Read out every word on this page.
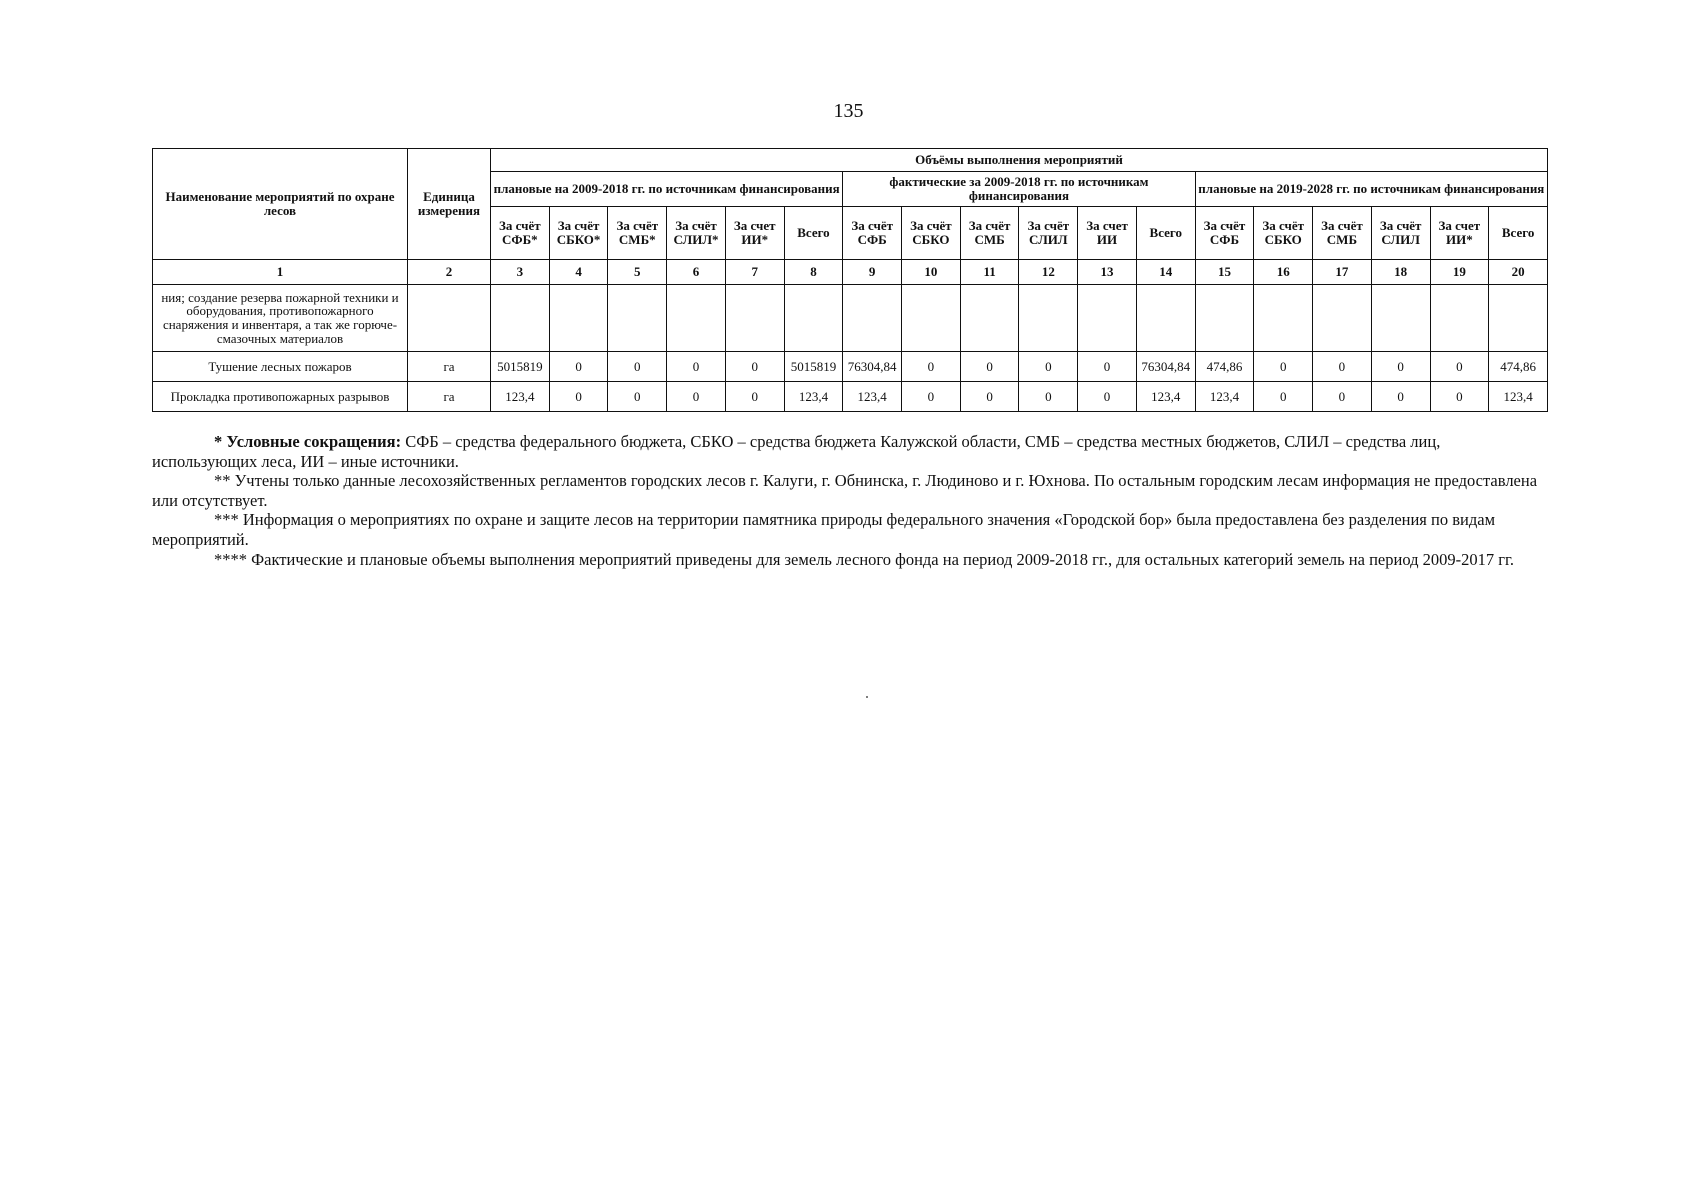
135
Наименование мероприятий по охране лесов	Единица измерения	Объёмы выполнения мероприятий																	
		плановые на 2009-2018 гг. по источникам финансирования						фактические за 2009-2018 гг. по источникам финансирования						плановые на 2019-2028 гг. по источникам финансирования					
		За счёт СФБ*	За счёт СБКО*	За счёт СМБ*	За счёт СЛИЛ*	За счет ИИ*	Всего	За счёт СФБ	За счёт СБКО	За счёт СМБ	За счёт СЛИЛ	За счет ИИ	Всего	За счёт СФБ	За счёт СБКО	За счёт СМБ	За счёт СЛИЛ	За счет ИИ*	Всего
1	2	3	4	5	6	7	8	9	10	11	12	13	14	15	16	17	18	19	20
ния; создание резерва пожарной техники и оборудования, противопожарного снаряжения и инвентаря, а так же горюче-смазочных материалов																			
Тушение лесных пожаров	га	5015819	0	0	0	0	5015819	76304,84	0	0	0	0	76304,84	474,86	0	0	0	0	474,86
Прокладка противопожарных разрывов	га	123,4	0	0	0	0	123,4	123,4	0	0	0	0	123,4	123,4	0	0	0	0	123,4

* Условные сокращения: СФБ – средства федерального бюджета, СБКО – средства бюджета Калужской области, СМБ – средства местных бюджетов, СЛИЛ – средства лиц, использующих леса, ИИ – иные источники.

** Учтены только данные лесохозяйственных регламентов городских лесов г. Калуги, г. Обнинска, г. Людиново и г. Юхнова. По остальным городским лесам информация не предоставлена или отсутствует.

*** Информация о мероприятиях по охране и защите лесов на территории памятника природы федерального значения «Городской бор» была предоставлена без разделения по видам мероприятий.

**** Фактические и плановые объемы выполнения мероприятий приведены для земель лесного фонда на период 2009-2018 гг., для остальных категорий земель на период 2009-2017 гг.
